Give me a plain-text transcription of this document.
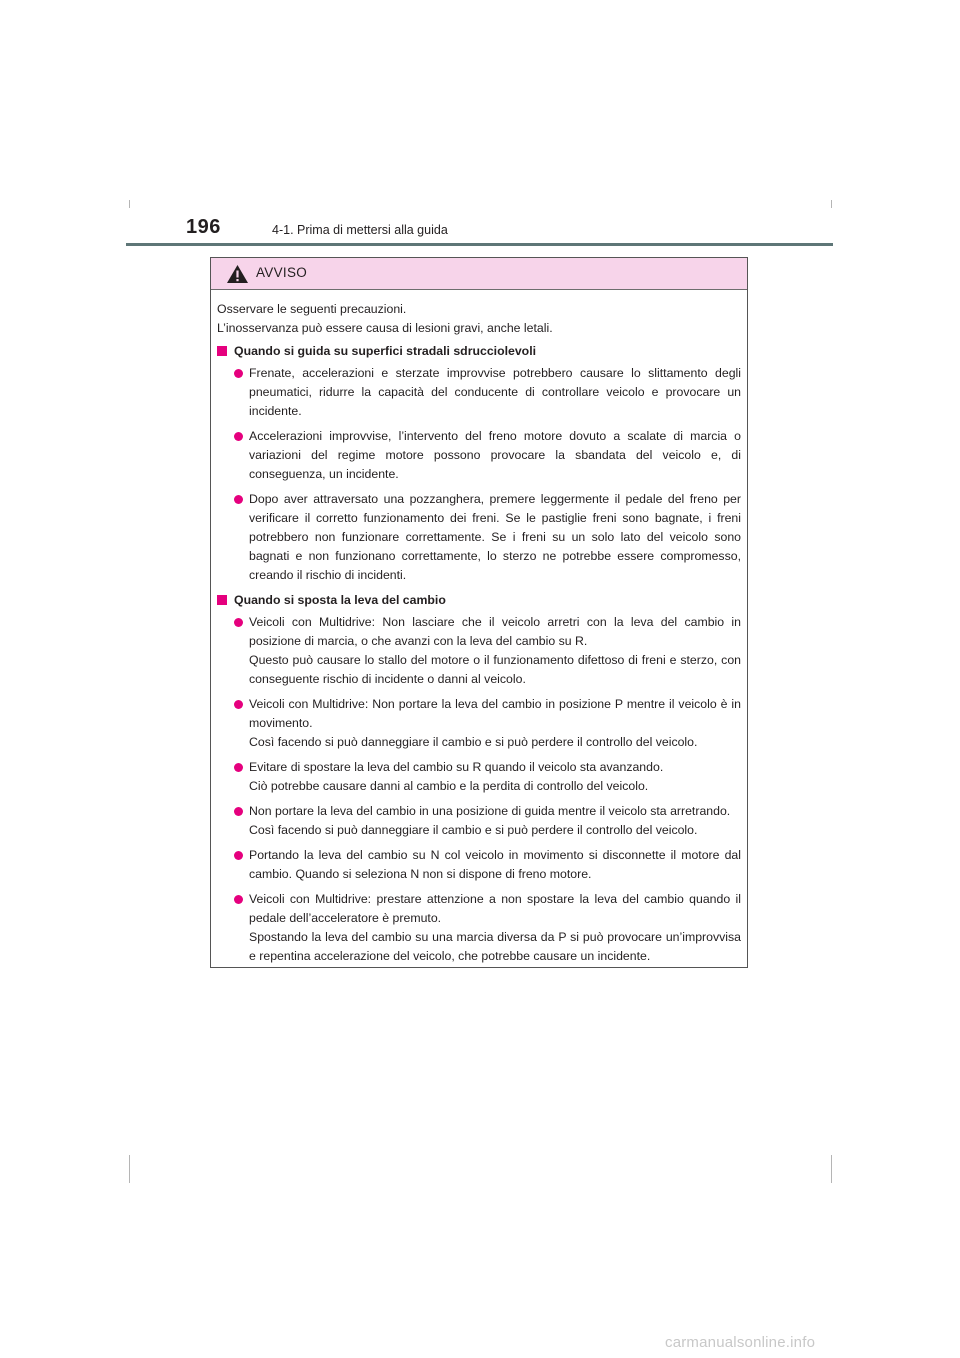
196	4-1. Prima di mettersi alla guida
AVVISO

Osservare le seguenti precauzioni.

L’inosservanza può essere causa di lesioni gravi, anche letali.

Quando si guida su superfici stradali sdrucciolevoli
Frenate, accelerazioni e sterzate improvvise potrebbero causare lo slittamento degli pneumatici, ridurre la capacità del conducente di controllare veicolo e provocare un incidente.
Accelerazioni improvvise, l’intervento del freno motore dovuto a scalate di marcia o variazioni del regime motore possono provocare la sbandata del veicolo e, di conseguenza, un incidente.
Dopo aver attraversato una pozzanghera, premere leggermente il pedale del freno per verificare il corretto funzionamento dei freni. Se le pastiglie freni sono bagnate, i freni potrebbero non funzionare correttamente. Se i freni su un solo lato del veicolo sono bagnati e non funzionano correttamente, lo sterzo ne potrebbe essere compromesso, creando il rischio di incidenti.
Quando si sposta la leva del cambio
Veicoli con Multidrive: Non lasciare che il veicolo arretri con la leva del cambio in posizione di marcia, o che avanzi con la leva del cambio su R.
Questo può causare lo stallo del motore o il funzionamento difettoso di freni e sterzo, con conseguente rischio di incidente o danni al veicolo.
Veicoli con Multidrive: Non portare la leva del cambio in posizione P mentre il veicolo è in movimento.
Così facendo si può danneggiare il cambio e si può perdere il controllo del veicolo.
Evitare di spostare la leva del cambio su R quando il veicolo sta avanzando.
Ciò potrebbe causare danni al cambio e la perdita di controllo del veicolo.
Non portare la leva del cambio in una posizione di guida mentre il veicolo sta arretrando.
Così facendo si può danneggiare il cambio e si può perdere il controllo del veicolo.
Portando la leva del cambio su N col veicolo in movimento si disconnette il motore dal cambio. Quando si seleziona N non si dispone di freno motore.
Veicoli con Multidrive: prestare attenzione a non spostare la leva del cambio quando il pedale dell’acceleratore è premuto.
Spostando la leva del cambio su una marcia diversa da P si può provocare un’improvvisa e repentina accelerazione del veicolo, che potrebbe causare un incidente.
carmanualsonline.info
